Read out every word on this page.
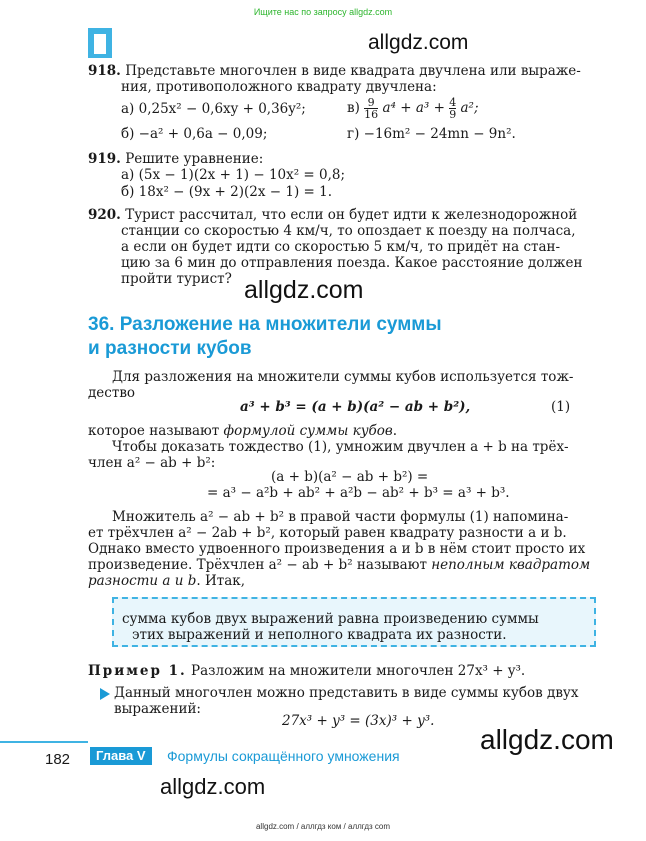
Ищите нас по запросу allgdz.com
allgdz.com
918. Представьте многочлен в виде квадрата двучлена или выраже-
ния, противоположного квадрату двучлена:
а) 0,25x² − 0,6xy + 0,36y²;	$в) \frac{9}{16} a^4 + a^3 + \frac{4}{9} a^2$;
б) −a² + 0,6a − 0,09;	г) −16m² − 24mn − 9n².
919. Решите уравнение:
а) (5x − 1)(2x + 1) − 10x² = 0,8;
б) 18x² − (9x + 2)(2x − 1) = 1.
920. Турист рассчитал, что если он будет идти к железнодорожной
станции со скоростью 4 км/ч, то опоздает к поезду на полчаса,
а если он будет идти со скоростью 5 км/ч, то придёт на стан-
цию за 6 мин до отправления поезда. Какое расстояние должен
пройти турист? allgdz.com
36. Разложение на множители суммы
и разности кубов
Для разложения на множители суммы кубов используется тож-
дество
a³ + b³ = (a + b)(a² − ab + b²),	(1)
которое называют формулой суммы кубов.
Чтобы доказать тождество (1), умножим двучлен a + b на трёх-
член a² − ab + b²:
(a + b)(a² − ab + b²) =
= a³ − a²b + ab² + a²b − ab² + b³ = a³ + b³.
Множитель a² − ab + b² в правой части формулы (1) напомина-
ет трёхчлен a² − 2ab + b², который равен квадрату разности a и b.
Однако вместо удвоенного произведения a и b в нём стоит просто их
произведение. Трёхчлен a² − ab + b² называют неполным квадратом
разности a и b. Итак,
сумма кубов двух выражений равна произведению суммы
этих выражений и неполного квадрата их разности.
Пример 1. Разложим на множители многочлен 27x³ + y³.
Данный многочлен можно представить в виде суммы кубов двух
выражений:
27x³ + y³ = (3x)³ + y³.
182	Глава V	Формулы сокращённого умножения
allgdz.com
allgdz.com
allgdz.com / аллгдз ком / аллгдз com
